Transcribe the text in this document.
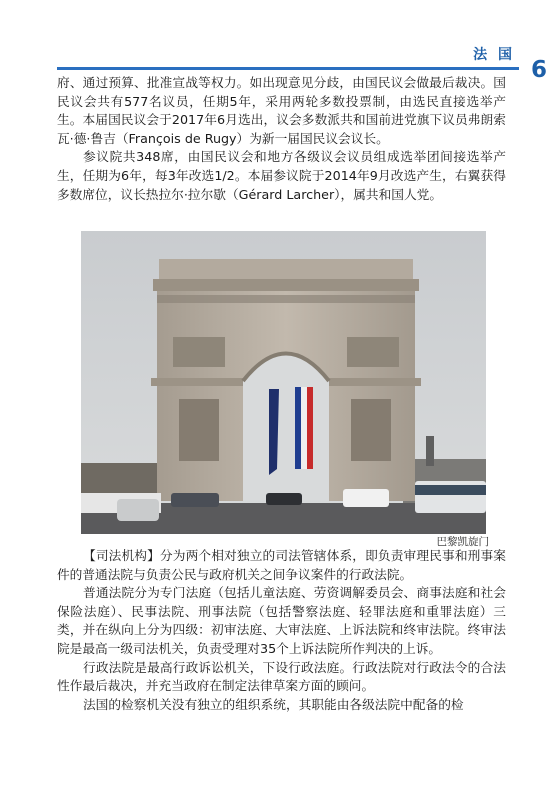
法 国
6

府、通过预算、批准宣战等权力。如出现意见分歧，由国民议会做最后裁决。国民议会共有577名议员，任期5年，采用两轮多数投票制，由选民直接选举产生。本届国民议会于2017年6月选出，议会多数派共和国前进党旗下议员弗朗索瓦·德·鲁吉（François de Rugy）为新一届国民议会议长。

参议院共348席，由国民议会和地方各级议会议员组成选举团间接选举产生，任期为6年，每3年改选1/2。本届参议院于2014年9月改选产生，右翼获得多数席位，议长热拉尔·拉尔歇（Gérard Larcher），属共和国人党。

巴黎凯旋门

【司法机构】分为两个相对独立的司法管辖体系，即负责审理民事和刑事案件的普通法院与负责公民与政府机关之间争议案件的行政法院。

普通法院分为专门法庭（包括儿童法庭、劳资调解委员会、商事法庭和社会保险法庭）、民事法院、刑事法院（包括警察法庭、轻罪法庭和重罪法庭）三类，并在纵向上分为四级：初审法庭、大审法庭、上诉法院和终审法院。终审法院是最高一级司法机关，负责受理对35个上诉法院所作判决的上诉。

行政法院是最高行政诉讼机关，下设行政法庭。行政法院对行政法令的合法性作最后裁决，并充当政府在制定法律草案方面的顾问。

法国的检察机关没有独立的组织系统，其职能由各级法院中配备的检
